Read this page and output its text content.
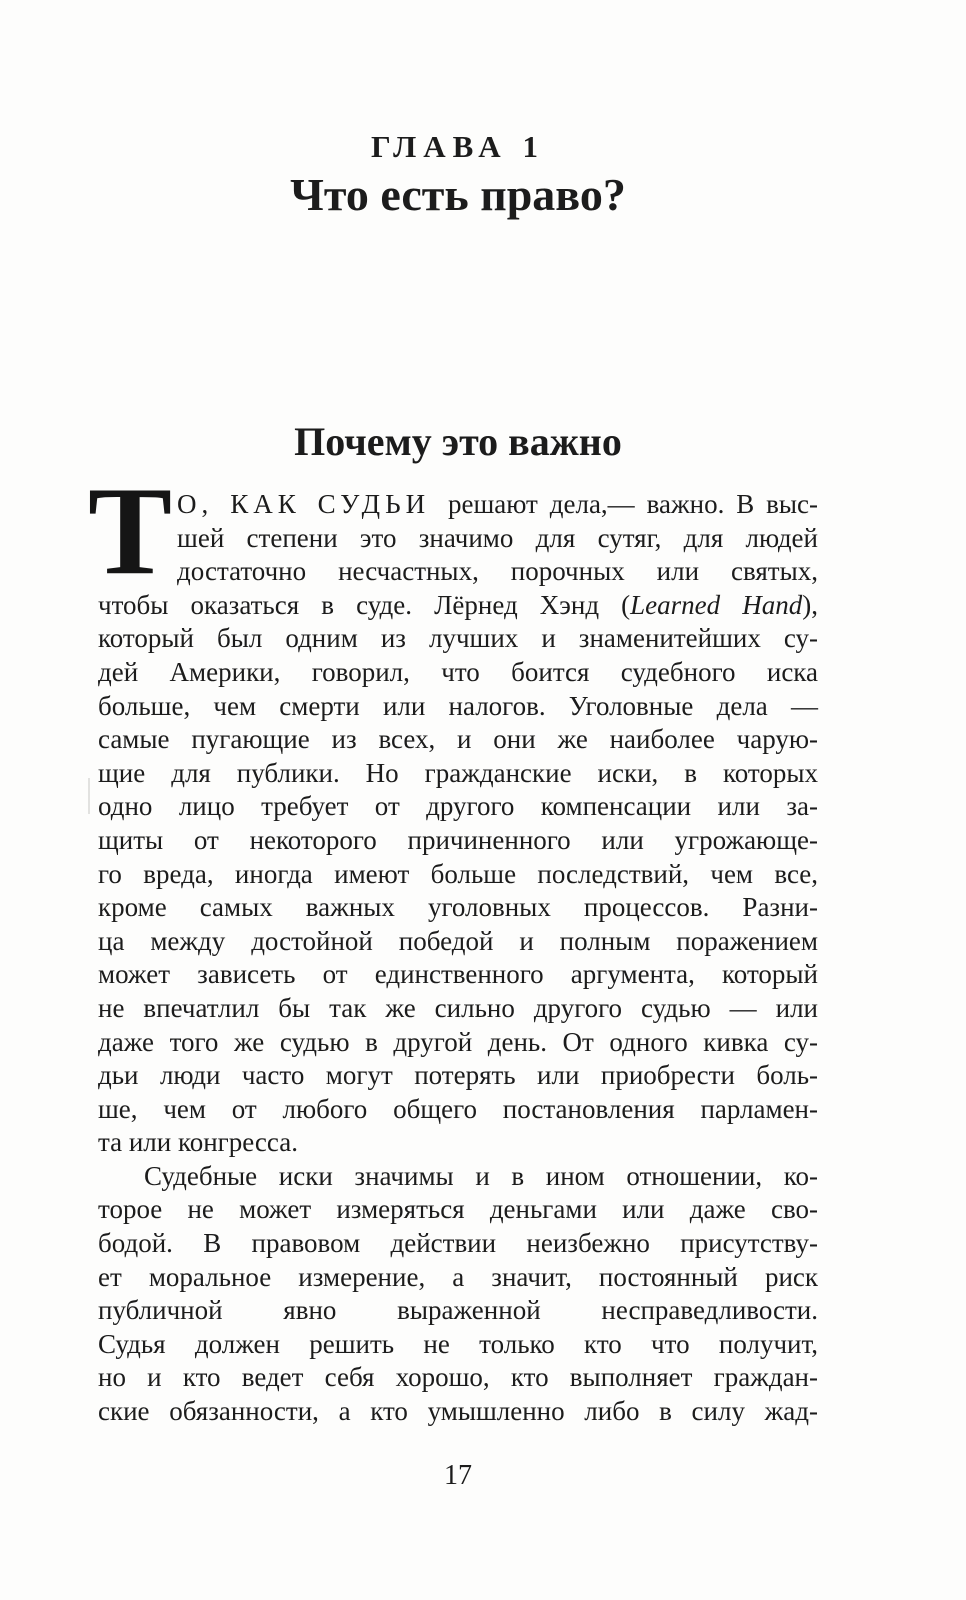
ГЛАВА 1
Что есть право?
Почему это важно
Т О, КАК СУДЬИ решают дела,— важно. В выс-
шей степени это значимо для сутяг, для людей
достаточно несчастных, порочных или святых,
чтобы оказаться в суде. Лёрнед Хэнд (Learned Hand),
который был одним из лучших и знаменитейших су-
дей Америки, говорил, что боится судебного иска
больше, чем смерти или налогов. Уголовные дела —
самые пугающие из всех, и они же наиболее чарую-
щие для публики. Но гражданские иски, в которых
одно лицо требует от другого компенсации или за-
щиты от некоторого причиненного или угрожающе-
го вреда, иногда имеют больше последствий, чем все,
кроме самых важных уголовных процессов. Разни-
ца между достойной победой и полным поражением
может зависеть от единственного аргумента, который
не впечатлил бы так же сильно другого судью — или
даже того же судью в другой день. От одного кивка су-
дьи люди часто могут потерять или приобрести боль-
ше, чем от любого общего постановления парламен-
та или конгресса.
Судебные иски значимы и в ином отношении, ко-
торое не может измеряться деньгами или даже сво-
бодой. В правовом действии неизбежно присутству-
ет моральное измерение, а значит, постоянный риск
публичной явно выраженной несправедливости.
Судья должен решить не только кто что получит,
но и кто ведет себя хорошо, кто выполняет граждан-
ские обязанности, а кто умышленно либо в силу жад-
17
